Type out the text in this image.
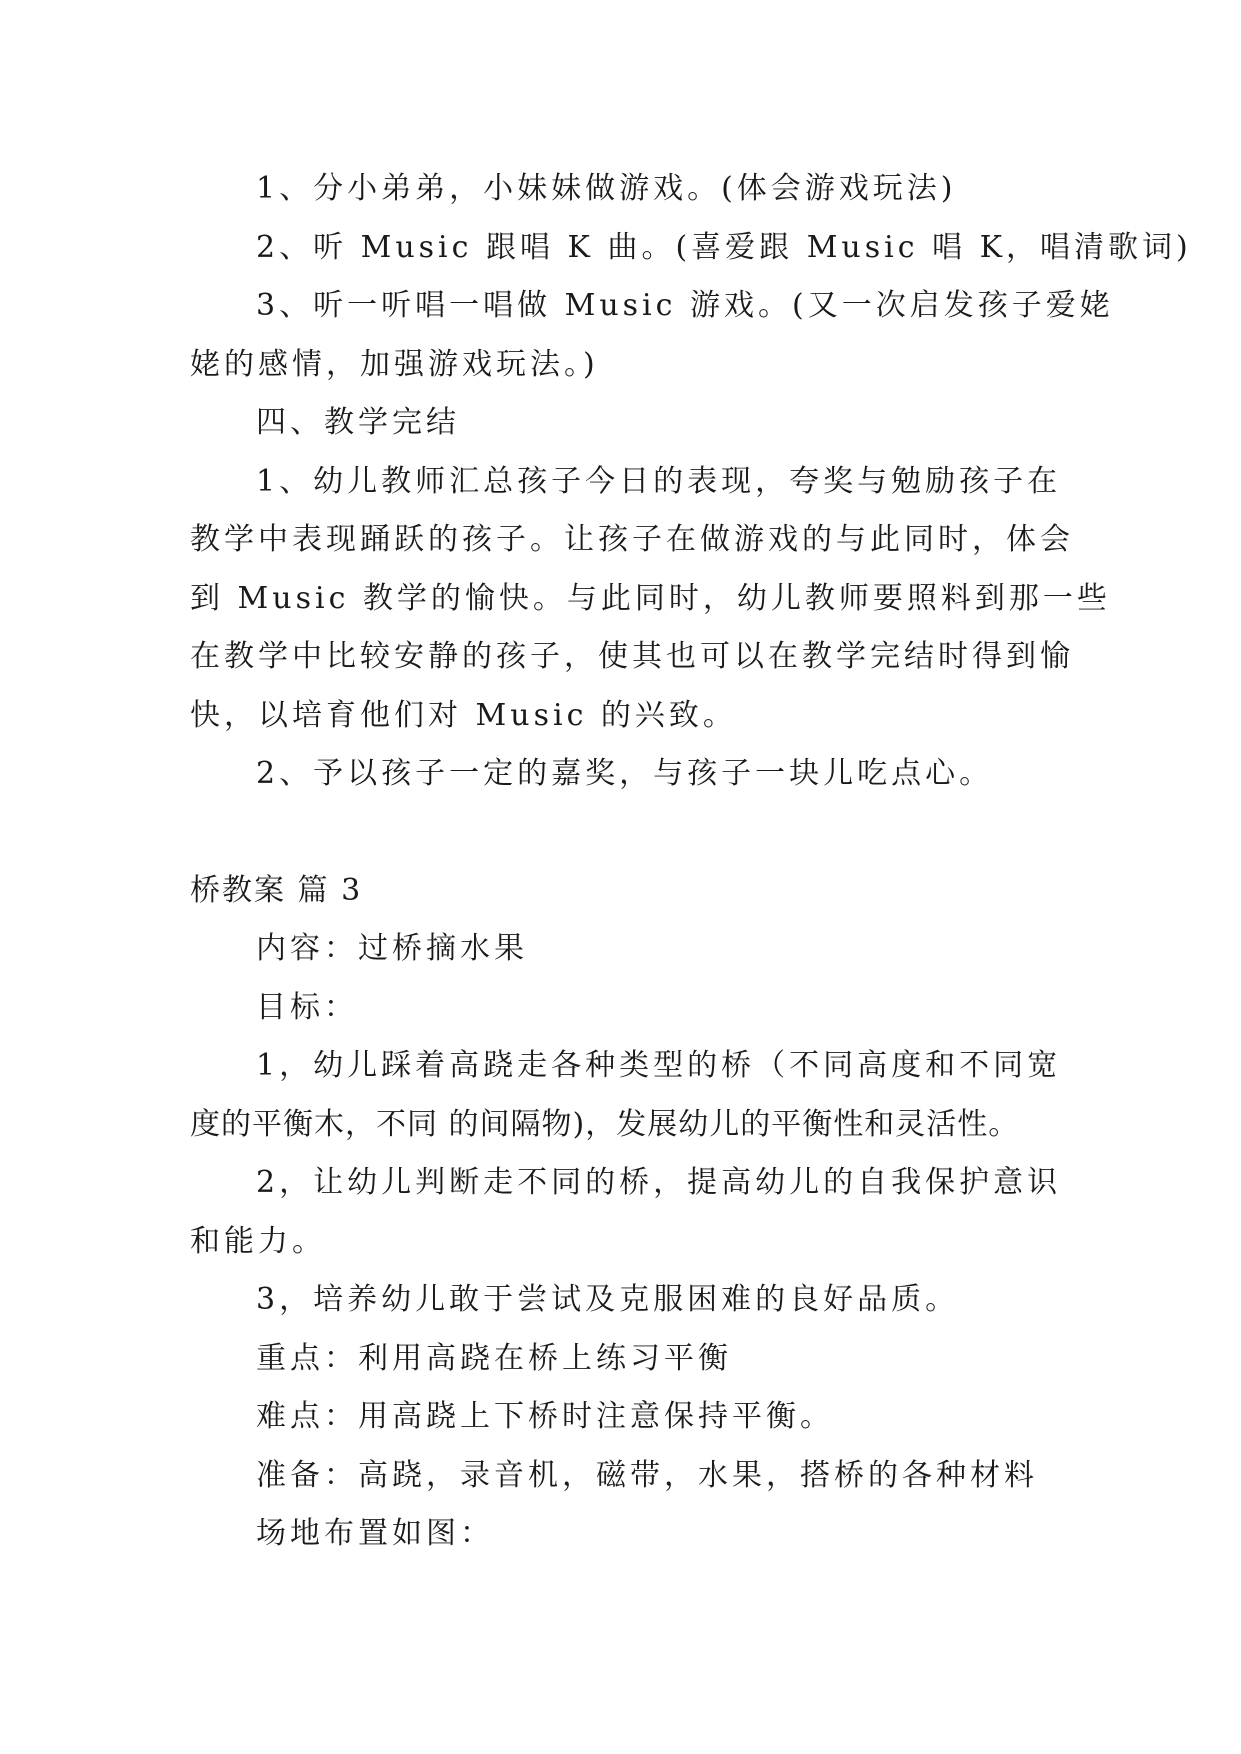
1、分小弟弟，小妹妹做游戏。(体会游戏玩法)
2、听 Music 跟唱 K 曲。(喜爱跟 Music 唱 K，唱清歌词)
3、听一听唱一唱做 Music 游戏。(又一次启发孩子爱姥
姥的感情，加强游戏玩法。)
四、教学完结
1、幼儿教师汇总孩子今日的表现，夸奖与勉励孩子在
教学中表现踊跃的孩子。让孩子在做游戏的与此同时，体会
到 Music 教学的愉快。与此同时，幼儿教师要照料到那一些
在教学中比较安静的孩子，使其也可以在教学完结时得到愉
快，以培育他们对 Music 的兴致。
2、予以孩子一定的嘉奖，与孩子一块儿吃点心。
桥教案 篇 3
内容：过桥摘水果
目标：
1，幼儿踩着高跷走各种类型的桥（不同高度和不同宽
度的平衡木，不同 的间隔物)，发展幼儿的平衡性和灵活性。
2，让幼儿判断走不同的桥，提高幼儿的自我保护意识
和能力。
3，培养幼儿敢于尝试及克服困难的良好品质。
重点：利用高跷在桥上练习平衡
难点：用高跷上下桥时注意保持平衡。
准备：高跷，录音机，磁带，水果，搭桥的各种材料
场地布置如图：
